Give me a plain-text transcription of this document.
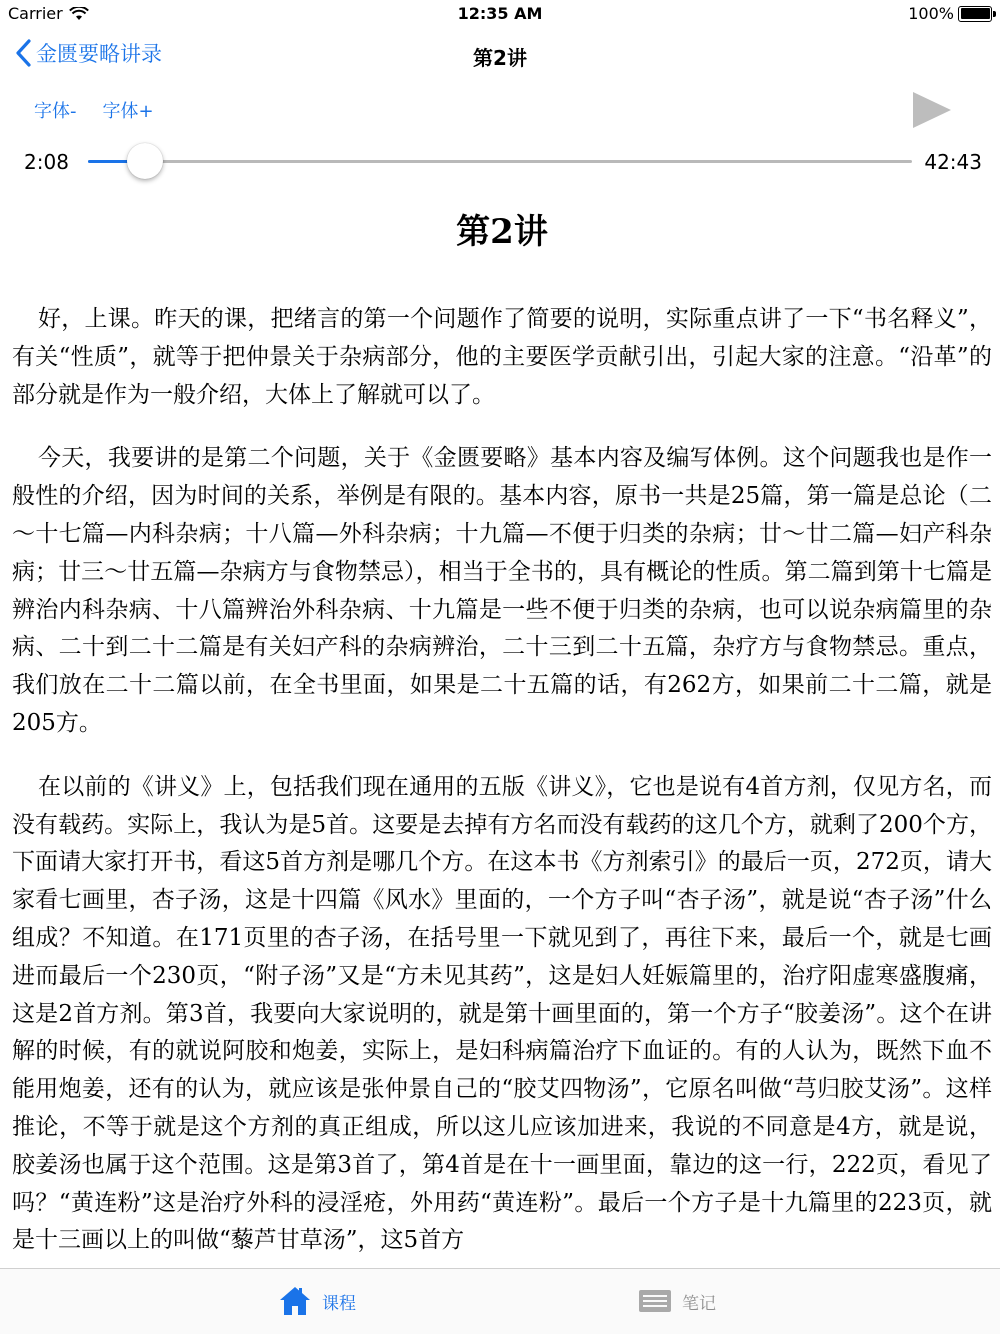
Carrier	12:35 AM	100%
金匮要略讲录	第2讲
字体- 字体+
2:08	42:43
第2讲

好，上课。昨天的课，把绪言的第一个问题作了简要的说明，实际重点讲了一下“书名释义”，有关“性质”，就等于把仲景关于杂病部分，他的主要医学贡献引出，引起大家的注意。“沿革”的部分就是作为一般介绍，大体上了解就可以了。

今天，我要讲的是第二个问题，关于《金匮要略》基本内容及编写体例。这个问题我也是作一般性的介绍，因为时间的关系，举例是有限的。基本内容，原书一共是25篇，第一篇是总论（二～十七篇—内科杂病；十八篇—外科杂病；十九篇—不便于归类的杂病；廿～廿二篇—妇产科杂病；廿三～廿五篇—杂病方与食物禁忌），相当于全书的，具有概论的性质。第二篇到第十七篇是辨治内科杂病、十八篇辨治外科杂病、十九篇是一些不便于归类的杂病，也可以说杂病篇里的杂病、二十到二十二篇是有关妇产科的杂病辨治，二十三到二十五篇，杂疗方与食物禁忌。重点，我们放在二十二篇以前，在全书里面，如果是二十五篇的话，有262方，如果前二十二篇，就是205方。

在以前的《讲义》上，包括我们现在通用的五版《讲义》，它也是说有4首方剂，仅见方名，而没有载药。实际上，我认为是5首。这要是去掉有方名而没有载药的这几个方，就剩了200个方，下面请大家打开书，看这5首方剂是哪几个方。在这本书《方剂索引》的最后一页，272页，请大家看七画里，杏子汤，这是十四篇《风水》里面的，一个方子叫“杏子汤”，就是说“杏子汤”什么组成？不知道。在171页里的杏子汤，在括号里一下就见到了，再往下来，最后一个，就是七画进而最后一个230页，“附子汤”又是“方未见其药”，这是妇人妊娠篇里的，治疗阳虚寒盛腹痛，这是2首方剂。第3首，我要向大家说明的，就是第十画里面的，第一个方子“胶姜汤”。这个在讲解的时候，有的就说阿胶和炮姜，实际上，是妇科病篇治疗下血证的。有的人认为，既然下血不能用炮姜，还有的认为，就应该是张仲景自己的“胶艾四物汤”，它原名叫做“芎归胶艾汤”。这样推论，不等于就是这个方剂的真正组成，所以这儿应该加进来，我说的不同意是4方，就是说，胶姜汤也属于这个范围。这是第3首了，第4首是在十一画里面，靠边的这一行，222页，看见了吗？“黄连粉”这是治疗外科的浸淫疮，外用药“黄连粉”。最后一个方子是十九篇里的223页，就是十三画以上的叫做“藜芦甘草汤”，这5首方

课程	笔记
